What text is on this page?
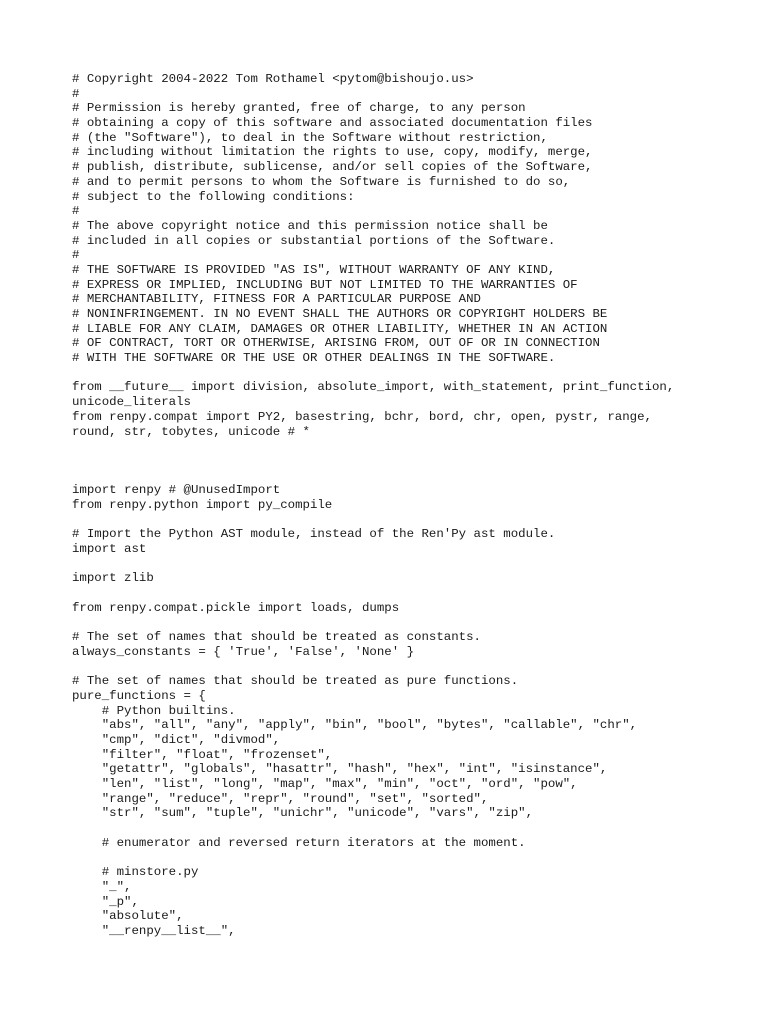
# Copyright 2004-2022 Tom Rothamel <pytom@bishoujo.us>
#
# Permission is hereby granted, free of charge, to any person
# obtaining a copy of this software and associated documentation files
# (the "Software"), to deal in the Software without restriction,
# including without limitation the rights to use, copy, modify, merge,
# publish, distribute, sublicense, and/or sell copies of the Software,
# and to permit persons to whom the Software is furnished to do so,
# subject to the following conditions:
#
# The above copyright notice and this permission notice shall be
# included in all copies or substantial portions of the Software.
#
# THE SOFTWARE IS PROVIDED "AS IS", WITHOUT WARRANTY OF ANY KIND,
# EXPRESS OR IMPLIED, INCLUDING BUT NOT LIMITED TO THE WARRANTIES OF
# MERCHANTABILITY, FITNESS FOR A PARTICULAR PURPOSE AND
# NONINFRINGEMENT. IN NO EVENT SHALL THE AUTHORS OR COPYRIGHT HOLDERS BE
# LIABLE FOR ANY CLAIM, DAMAGES OR OTHER LIABILITY, WHETHER IN AN ACTION
# OF CONTRACT, TORT OR OTHERWISE, ARISING FROM, OUT OF OR IN CONNECTION
# WITH THE SOFTWARE OR THE USE OR OTHER DEALINGS IN THE SOFTWARE.
from __future__ import division, absolute_import, with_statement, print_function,
unicode_literals
from renpy.compat import PY2, basestring, bchr, bord, chr, open, pystr, range,
round, str, tobytes, unicode # *
import renpy # @UnusedImport
from renpy.python import py_compile
# Import the Python AST module, instead of the Ren'Py ast module.
import ast
import zlib
from renpy.compat.pickle import loads, dumps
# The set of names that should be treated as constants.
always_constants = { 'True', 'False', 'None' }
# The set of names that should be treated as pure functions.
pure_functions = {
# Python builtins.
"abs", "all", "any", "apply", "bin", "bool", "bytes", "callable", "chr",
"cmp", "dict", "divmod",
"filter", "float", "frozenset",
"getattr", "globals", "hasattr", "hash", "hex", "int", "isinstance",
"len", "list", "long", "map", "max", "min", "oct", "ord", "pow",
"range", "reduce", "repr", "round", "set", "sorted",
"str", "sum", "tuple", "unichr", "unicode", "vars", "zip",
# enumerator and reversed return iterators at the moment.
# minstore.py
"_",
"_p",
"absolute",
"__renpy__list__",
